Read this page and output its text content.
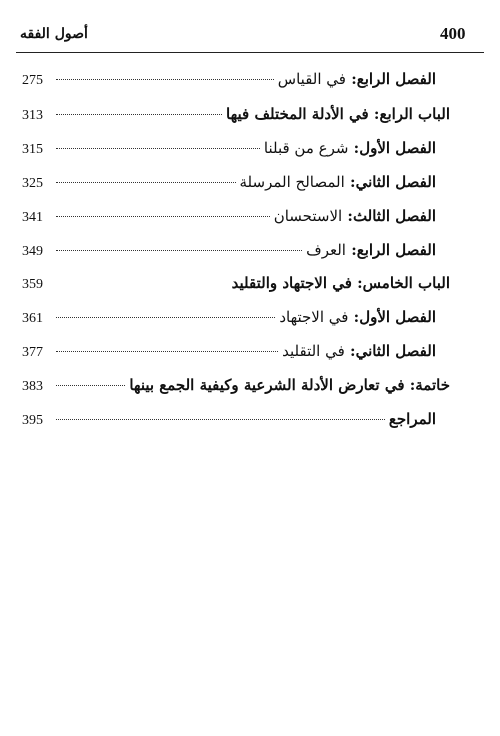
400
أصول الفقه
الفصل الرابع: في القياس
275
الباب الرابع: في الأدلة المختلف فيها
313
الفصل الأول: شرع من قبلنا
315
الفصل الثاني: المصالح المرسلة
325
الفصل الثالث: الاستحسان
341
الفصل الرابع: العرف
349
الباب الخامس: في الاجتهاد والتقليد
359
الفصل الأول: في الاجتهاد
361
الفصل الثاني: في التقليد
377
خاتمة: في تعارض الأدلة الشرعية وكيفية الجمع بينها
383
المراجع
395
